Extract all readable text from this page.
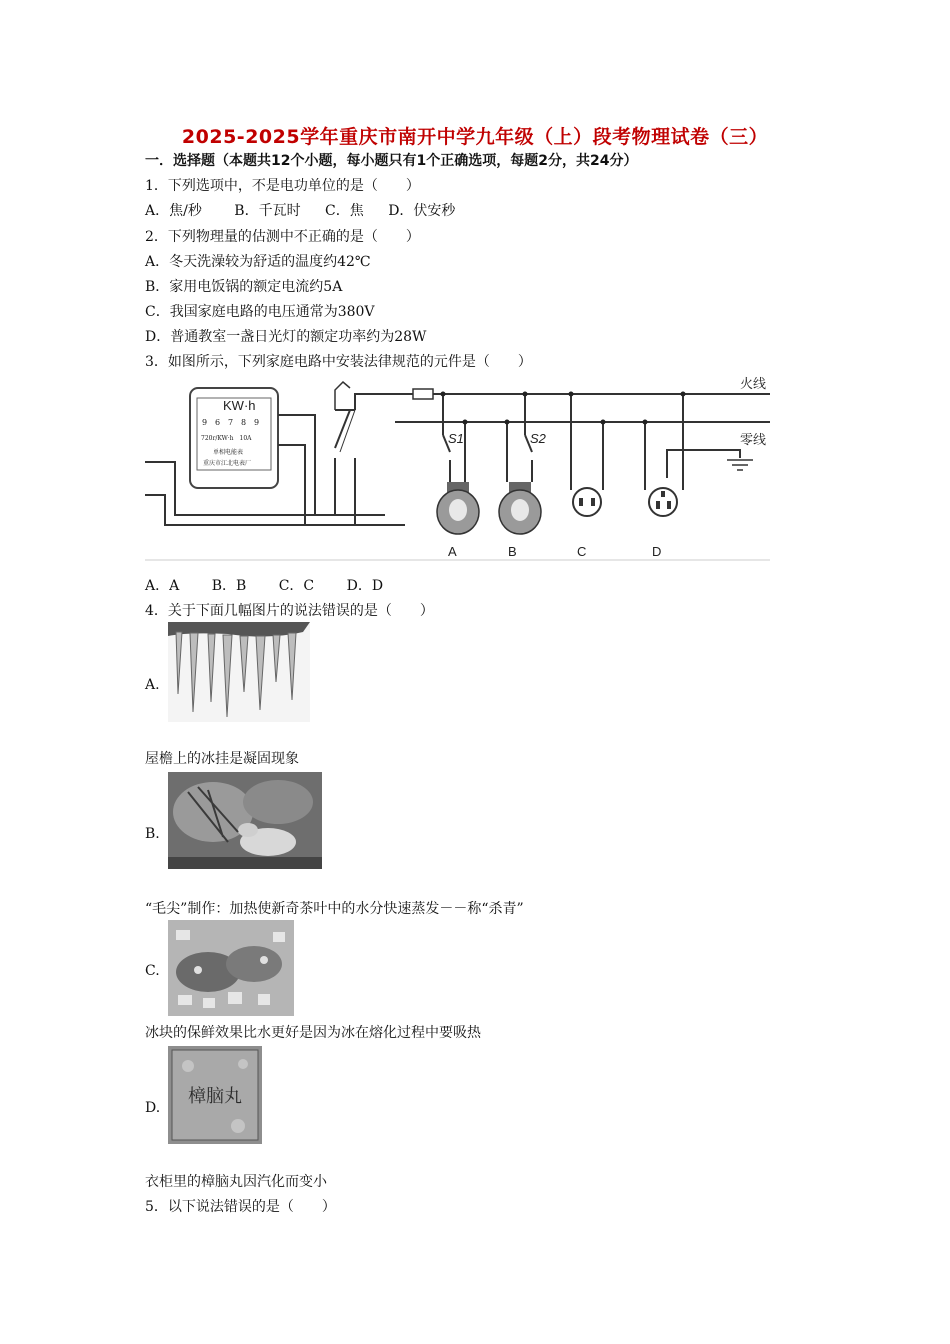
2025-2025学年重庆市南开中学九年级（上）段考物理试卷（三）
一．选择题（本题共12个小题，每小题只有1个正确选项，每题2分，共24分）
1．下列选项中，不是电功单位的是（　　）
A．焦/秒 B．千瓦时 C．焦 D．伏安秒
2．下列物理量的估测中不正确的是（　　）
A．冬天洗澡较为舒适的温度约42℃
B．家用电饭锅的额定电流约5A
C．我国家庭电路的电压通常为380V
D．普通教室一盏日光灯的额定功率约为28W
3．如图所示，下列家庭电路中安装法律规范的元件是（　　）
火线
零线
KW·h
9 6 7 8 9
720r/KW·h　10A
单相电能表
重庆市江北电表厂
S1	S2
A	B	C	D
A．A B．B C．C D．D
4．关于下面几幅图片的说法错误的是（　　）
A.
屋檐上的冰挂是凝固现象
B.
“毛尖”制作：加热使新奇茶叶中的水分快速蒸发－－称“杀青”
C.
冰块的保鲜效果比水更好是因为冰在熔化过程中要吸热
樟脑丸
D.
衣柜里的樟脑丸因汽化而变小
5．以下说法错误的是（　　）
